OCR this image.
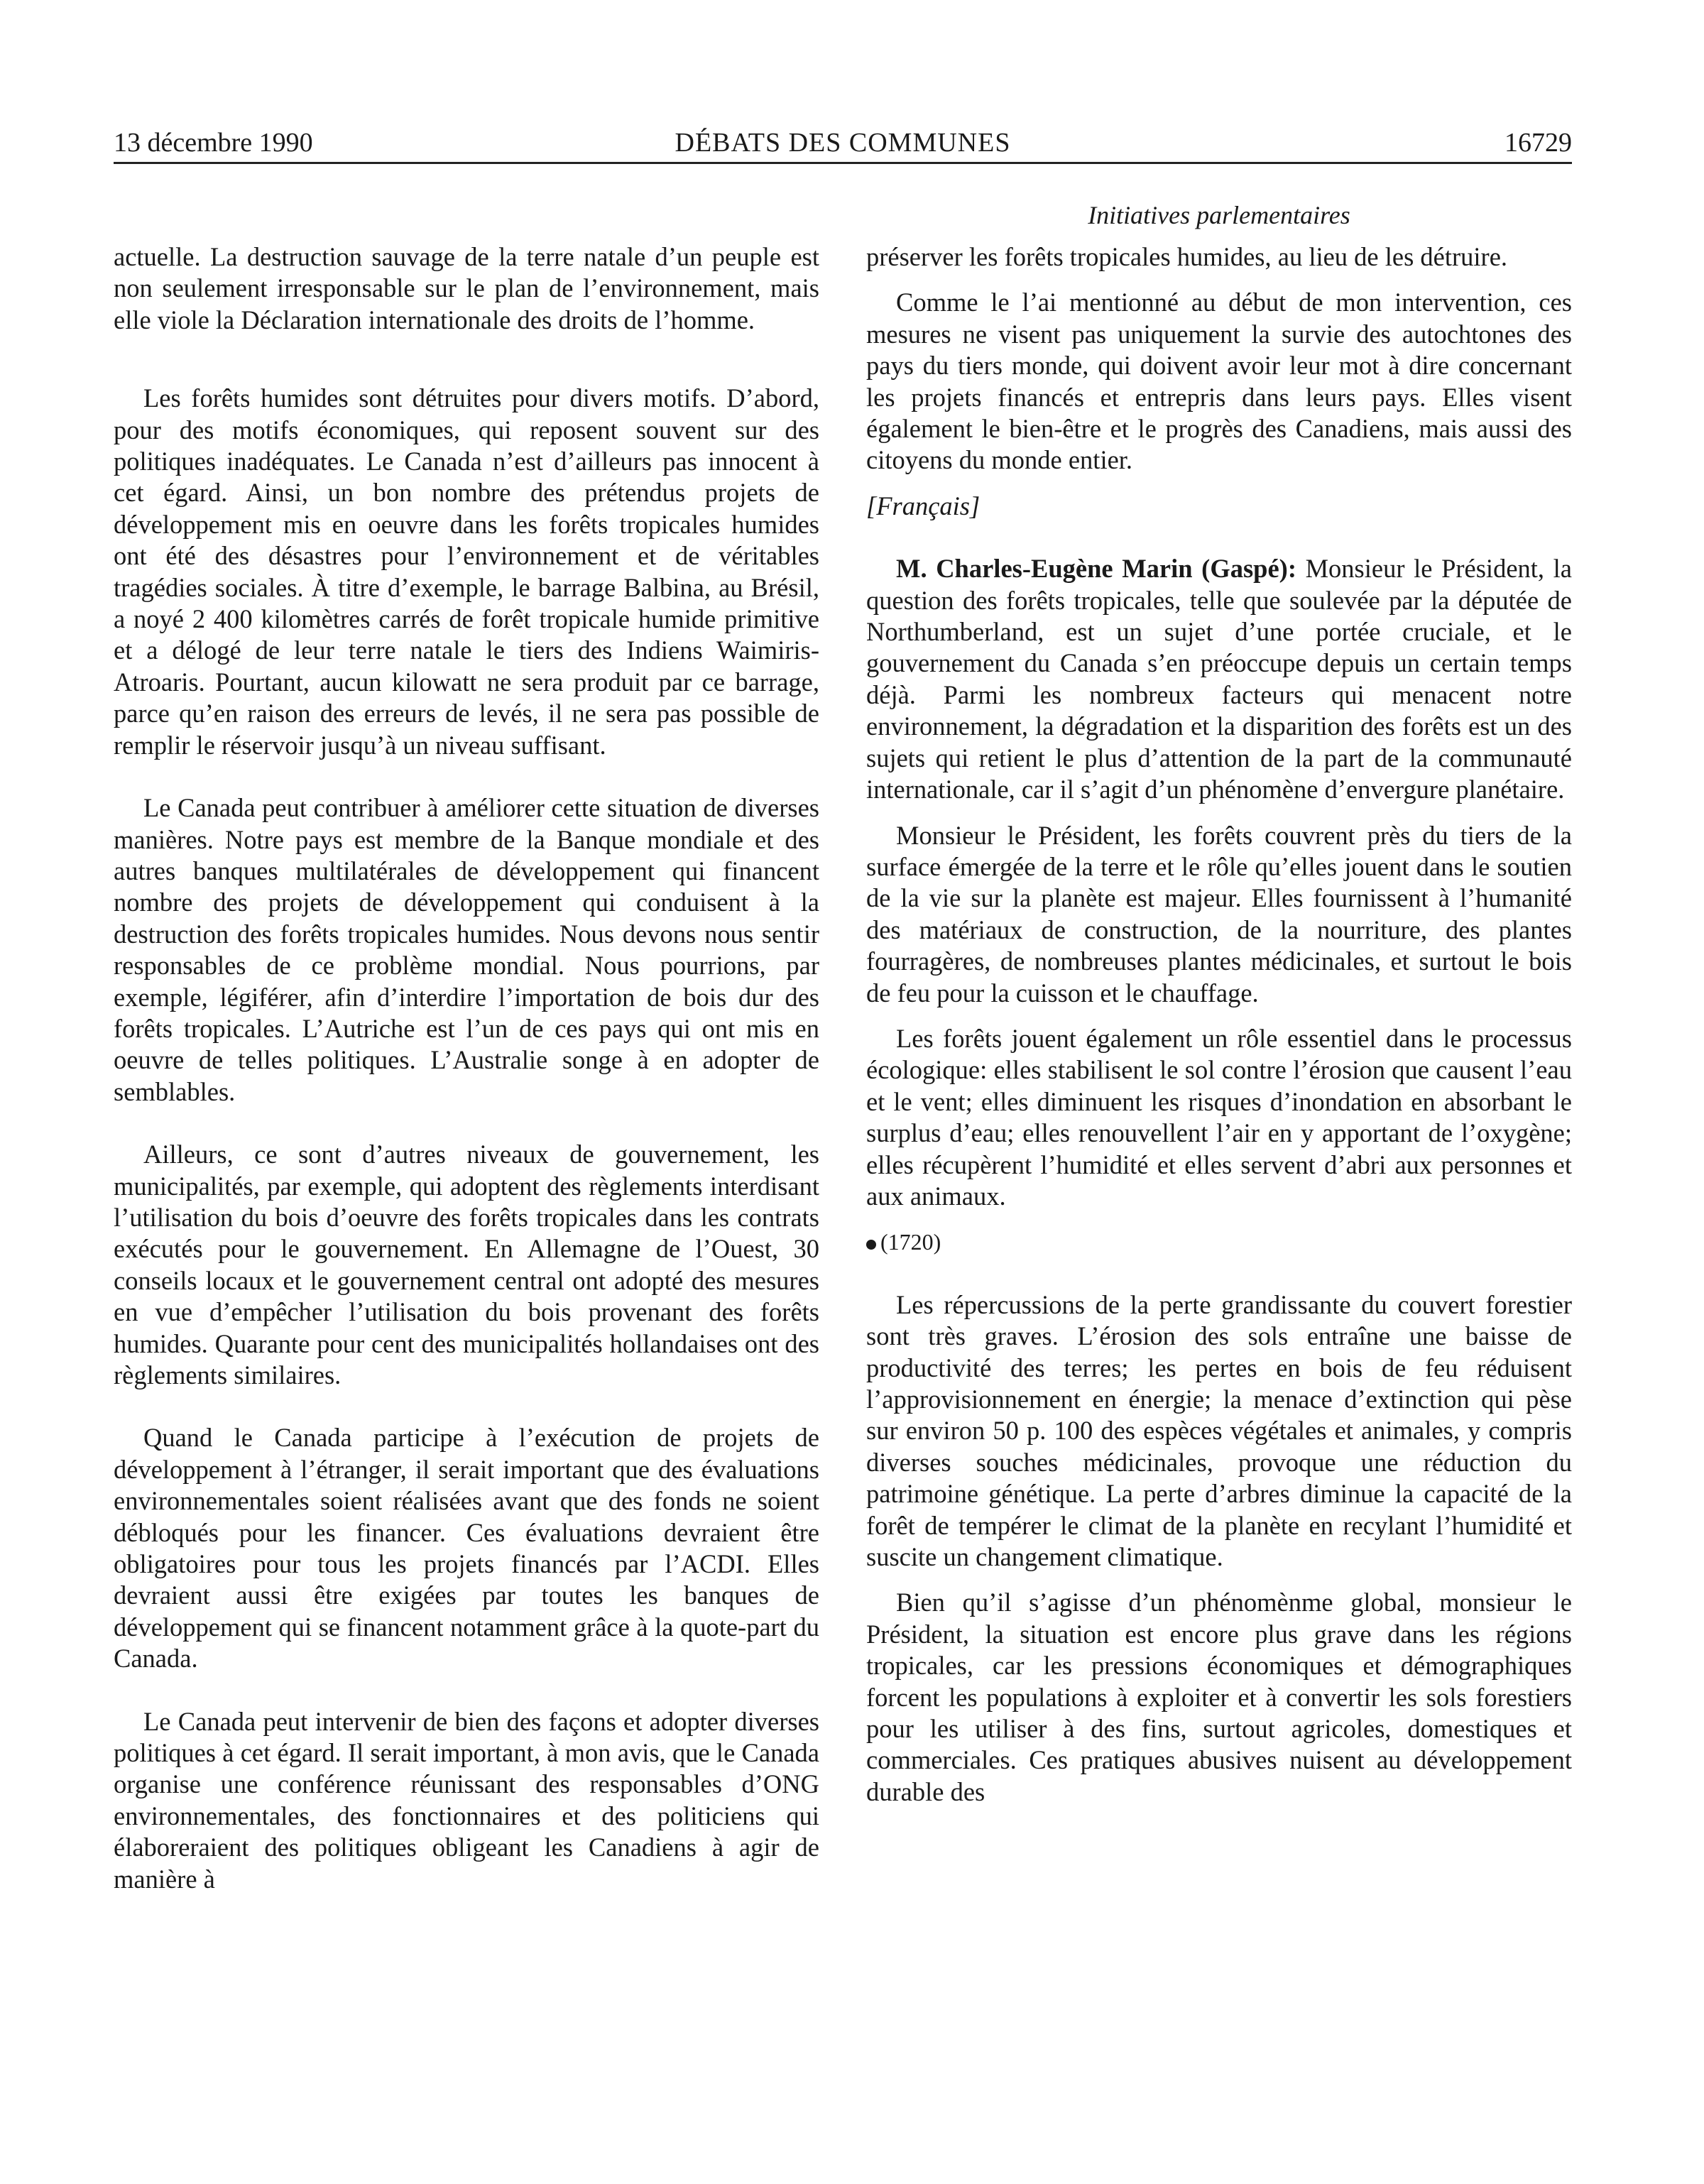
13 décembre 1990	DÉBATS DES COMMUNES	16729
Initiatives parlementaires

actuelle. La destruction sauvage de la terre natale d’un peuple est non seulement irresponsable sur le plan de l’environnement, mais elle viole la Déclaration internationale des droits de l’homme.

Les forêts humides sont détruites pour divers motifs. D’abord, pour des motifs économiques, qui reposent souvent sur des politiques inadéquates. Le Canada n’est d’ailleurs pas innocent à cet égard. Ainsi, un bon nombre des prétendus projets de développement mis en oeuvre dans les forêts tropicales humides ont été des désastres pour l’environnement et de véritables tragédies sociales. À titre d’exemple, le barrage Balbina, au Brésil, a noyé 2 400 kilomètres carrés de forêt tropicale humide primitive et a délogé de leur terre natale le tiers des Indiens Waimiris-Atroaris. Pourtant, aucun kilowatt ne sera produit par ce barrage, parce qu’en raison des erreurs de levés, il ne sera pas possible de remplir le réservoir jusqu’à un niveau suffisant.

Le Canada peut contribuer à améliorer cette situation de diverses manières. Notre pays est membre de la Banque mondiale et des autres banques multilatérales de développement qui financent nombre des projets de développement qui conduisent à la destruction des forêts tropicales humides. Nous devons nous sentir responsables de ce problème mondial. Nous pourrions, par exemple, légiférer, afin d’interdire l’importation de bois dur des forêts tropicales. L’Autriche est l’un de ces pays qui ont mis en oeuvre de telles politiques. L’Australie songe à en adopter de semblables.

Ailleurs, ce sont d’autres niveaux de gouvernement, les municipalités, par exemple, qui adoptent des règlements interdisant l’utilisation du bois d’oeuvre des forêts tropicales dans les contrats exécutés pour le gouvernement. En Allemagne de l’Ouest, 30 conseils locaux et le gouvernement central ont adopté des mesures en vue d’empêcher l’utilisation du bois provenant des forêts humides. Quarante pour cent des municipalités hollandaises ont des règlements similaires.

Quand le Canada participe à l’exécution de projets de développement à l’étranger, il serait important que des évaluations environnementales soient réalisées avant que des fonds ne soient débloqués pour les financer. Ces évaluations devraient être obligatoires pour tous les projets financés par l’ACDI. Elles devraient aussi être exigées par toutes les banques de développement qui se financent notamment grâce à la quote-part du Canada.

Le Canada peut intervenir de bien des façons et adopter diverses politiques à cet égard. Il serait important, à mon avis, que le Canada organise une conférence réunissant des responsables d’ONG environnementales, des fonctionnaires et des politiciens qui élaboreraient des politiques obligeant les Canadiens à agir de manière à

préserver les forêts tropicales humides, au lieu de les détruire.

Comme le l’ai mentionné au début de mon intervention, ces mesures ne visent pas uniquement la survie des autochtones des pays du tiers monde, qui doivent avoir leur mot à dire concernant les projets financés et entrepris dans leurs pays. Elles visent également le bien-être et le progrès des Canadiens, mais aussi des citoyens du monde entier.

[Français]

M. Charles-Eugène Marin (Gaspé): Monsieur le Président, la question des forêts tropicales, telle que soulevée par la députée de Northumberland, est un sujet d’une portée cruciale, et le gouvernement du Canada s’en préoccupe depuis un certain temps déjà. Parmi les nombreux facteurs qui menacent notre environnement, la dégradation et la disparition des forêts est un des sujets qui retient le plus d’attention de la part de la communauté internationale, car il s’agit d’un phénomène d’envergure planétaire.

Monsieur le Président, les forêts couvrent près du tiers de la surface émergée de la terre et le rôle qu’elles jouent dans le soutien de la vie sur la planète est majeur. Elles fournissent à l’humanité des matériaux de construction, de la nourriture, des plantes fourragères, de nombreuses plantes médicinales, et surtout le bois de feu pour la cuisson et le chauffage.

Les forêts jouent également un rôle essentiel dans le processus écologique: elles stabilisent le sol contre l’érosion que causent l’eau et le vent; elles diminuent les risques d’inondation en absorbant le surplus d’eau; elles renouvellent l’air en y apportant de l’oxygène; elles récupèrent l’humidité et elles servent d’abri aux personnes et aux animaux.

(1720)

Les répercussions de la perte grandissante du couvert forestier sont très graves. L’érosion des sols entraîne une baisse de productivité des terres; les pertes en bois de feu réduisent l’approvisionnement en énergie; la menace d’extinction qui pèse sur environ 50 p. 100 des espèces végétales et animales, y compris diverses souches médicinales, provoque une réduction du patrimoine génétique. La perte d’arbres diminue la capacité de la forêt de tempérer le climat de la planète en recylant l’humidité et suscite un changement climatique.

Bien qu’il s’agisse d’un phénomènme global, monsieur le Président, la situation est encore plus grave dans les régions tropicales, car les pressions économiques et démographiques forcent les populations à exploiter et à convertir les sols forestiers pour les utiliser à des fins, surtout agricoles, domestiques et commerciales. Ces pratiques abusives nuisent au développement durable des
